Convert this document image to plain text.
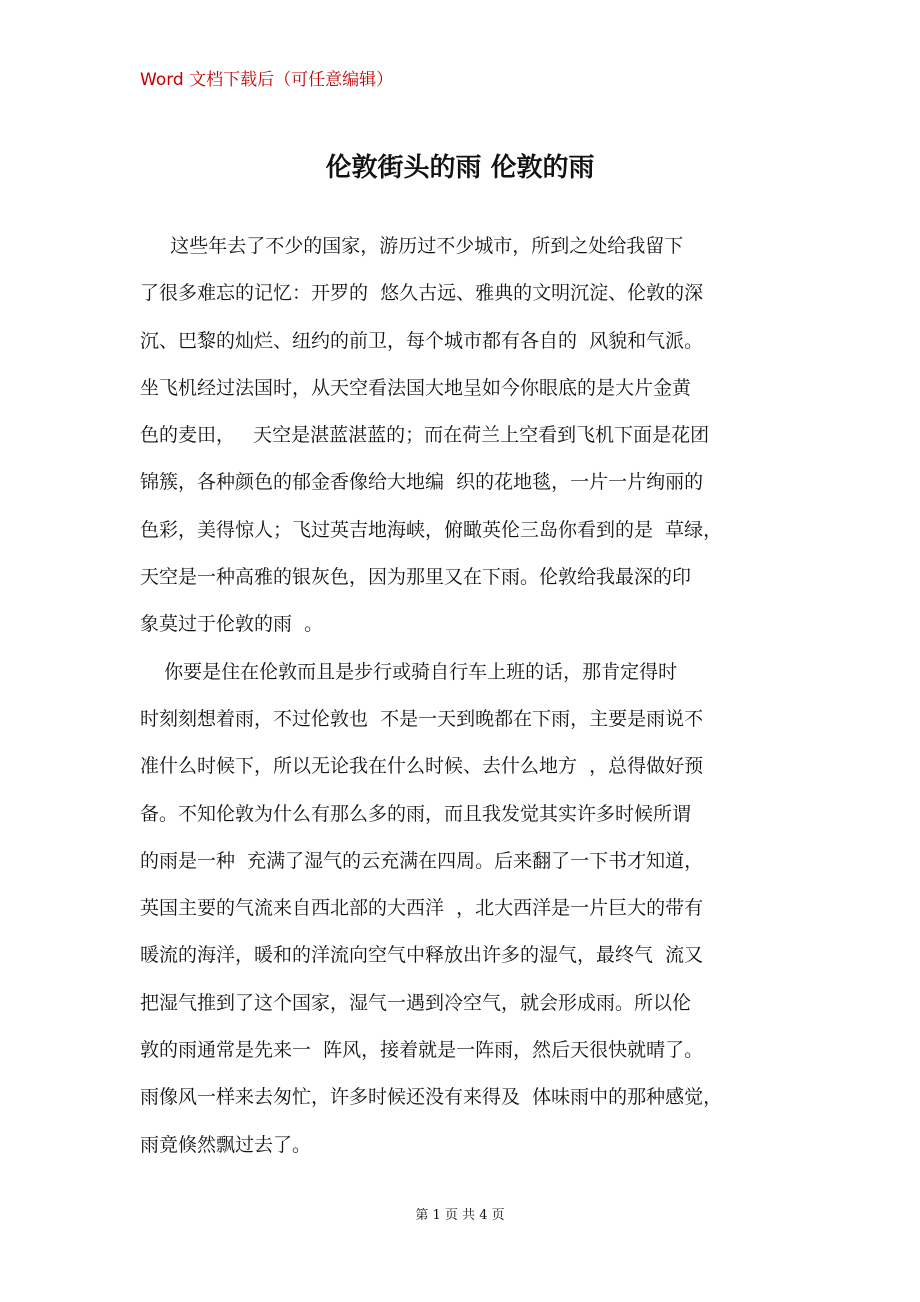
Word 文档下载后（可任意编辑）
伦敦街头的雨 伦敦的雨
这些年去了不少的国家，游历过不少城市，所到之处给我留下
了很多难忘的记忆：开罗的  悠久古远、雅典的文明沉淀、伦敦的深
沉、巴黎的灿烂、纽约的前卫，每个城市都有各自的  风貌和气派。
坐飞机经过法国时，从天空看法国大地呈如今你眼底的是大片金黄
色的麦田，   天空是湛蓝湛蓝的；而在荷兰上空看到飞机下面是花团
锦簇，各种颜色的郁金香像给大地编  织的花地毯，一片一片绚丽的
色彩，美得惊人；飞过英吉地海峡，俯瞰英伦三岛你看到的是  草绿，
天空是一种高雅的银灰色，因为那里又在下雨。伦敦给我最深的印
象莫过于伦敦的雨  。
你要是住在伦敦而且是步行或骑自行车上班的话，那肯定得时
时刻刻想着雨，不过伦敦也  不是一天到晚都在下雨，主要是雨说不
准什么时候下，所以无论我在什么时候、去什么地方  ，总得做好预
备。不知伦敦为什么有那么多的雨，而且我发觉其实许多时候所谓
的雨是一种  充满了湿气的云充满在四周。后来翻了一下书才知道，
英国主要的气流来自西北部的大西洋  ，北大西洋是一片巨大的带有
暖流的海洋，暖和的洋流向空气中释放出许多的湿气，最终气  流又
把湿气推到了这个国家，湿气一遇到冷空气，就会形成雨。所以伦
敦的雨通常是先来一  阵风，接着就是一阵雨，然后天很快就晴了。
雨像风一样来去匆忙，许多时候还没有来得及  体味雨中的那种感觉，
雨竟倏然飘过去了。
第 1 页 共 4 页
